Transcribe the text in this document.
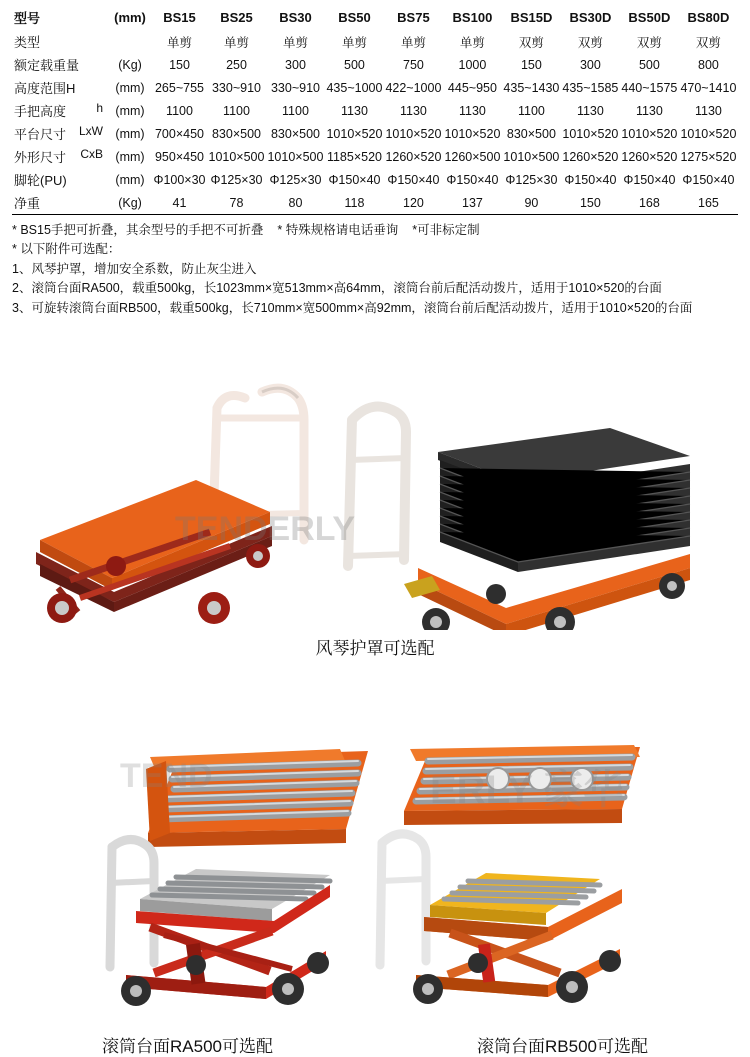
型号	(mm)	BS15	BS25	BS30	BS50	BS75	BS100	BS15D	BS30D	BS50D	BS80D

类型		单剪	单剪	单剪	单剪	单剪	单剪	双剪	双剪	双剪	双剪

额定载重量	(Kg)	150	250	300	500	750	1000	150	300	500	800

高度范围H	(mm)	265~755	330~910	330~910	435~1000	422~1000	445~950	435~1430	435~1585	440~1575	470~1410

手把高度 h	(mm)	1100	1100	1100	1130	1130	1130	1100	1130	1130	1130

平台尺寸 LxW	(mm)	700×450	830×500	830×500	1010×520	1010×520	1010×520	830×500	1010×520	1010×520	1010×520

外形尺寸 CxB	(mm)	950×450	1010×500	1010×500	1185×520	1260×520	1260×500	1010×500	1260×520	1260×520	1275×520

脚轮(PU)	(mm)	Φ100×30	Φ125×30	Φ125×30	Φ150×40	Φ150×40	Φ150×40	Φ125×30	Φ150×40	Φ150×40	Φ150×40

净重	(Kg)	41	78	80	118	120	137	90	150	168	165
* BS15手把可折叠，其余型号的手把不可折叠 * 特殊规格请电话垂询 *可非标定制
* 以下附件可选配：
1、风琴护罩，增加安全系数，防止灰尘进入
2、滚筒台面RA500，载重500kg，长1023mm×宽513mm×高64mm，滚筒台前后配活动拨片，适用于1010×520的台面
3、可旋转滚筒台面RB500，载重500kg，长710mm×宽500mm×高92mm，滚筒台前后配活动拨片，适用于1010×520的台面
TENDERLY
风琴护罩可选配
ERLY 豪华
TEND
滚筒台面RA500可选配	滚筒台面RB500可选配
